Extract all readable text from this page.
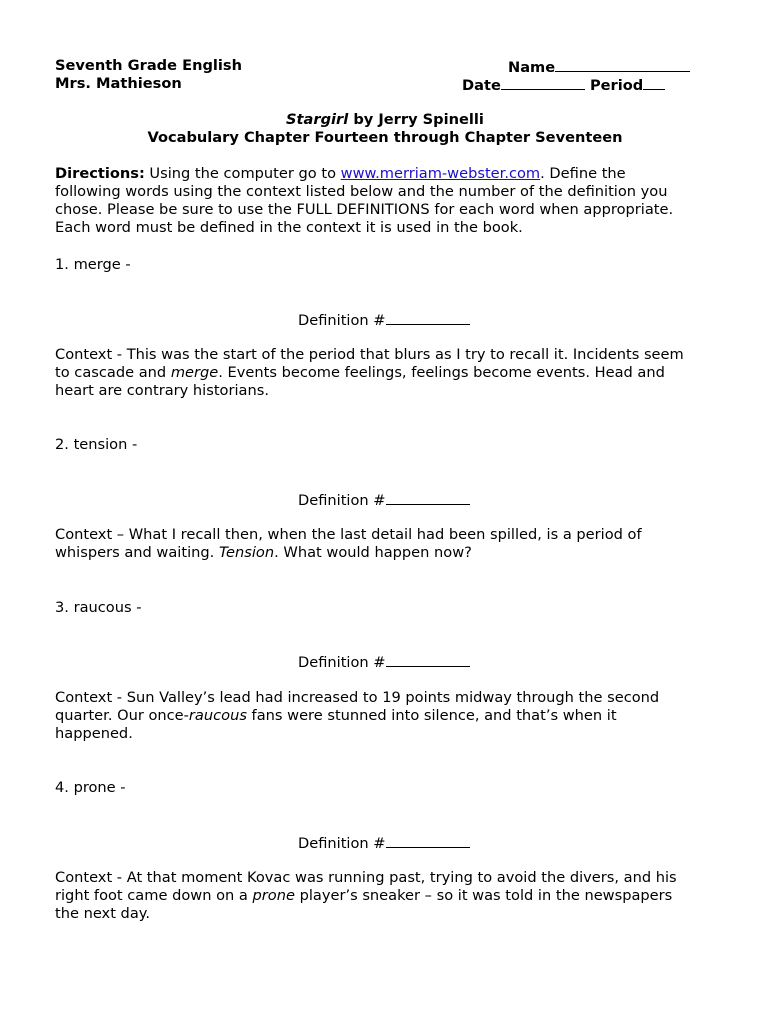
Seventh Grade English
Mrs. Mathieson
Name
Date	Period
Stargirl by Jerry Spinelli
Vocabulary Chapter Fourteen through Chapter Seventeen
Directions: Using the computer go to www.merriam-webster.com. Define the
following words using the context listed below and the number of the definition you
chose. Please be sure to use the FULL DEFINITIONS for each word when appropriate.
Each word must be defined in the context it is used in the book.
1. merge -
Definition #
Context - This was the start of the period that blurs as I try to recall it. Incidents seem
to cascade and merge. Events become feelings, feelings become events. Head and
heart are contrary historians.
2. tension -
Definition #
Context – What I recall then, when the last detail had been spilled, is a period of
whispers and waiting. Tension. What would happen now?
3. raucous -
Definition #
Context - Sun Valley’s lead had increased to 19 points midway through the second
quarter. Our once-raucous fans were stunned into silence, and that’s when it
happened.
4. prone -
Definition #
Context - At that moment Kovac was running past, trying to avoid the divers, and his
right foot came down on a prone player’s sneaker – so it was told in the newspapers
the next day.
